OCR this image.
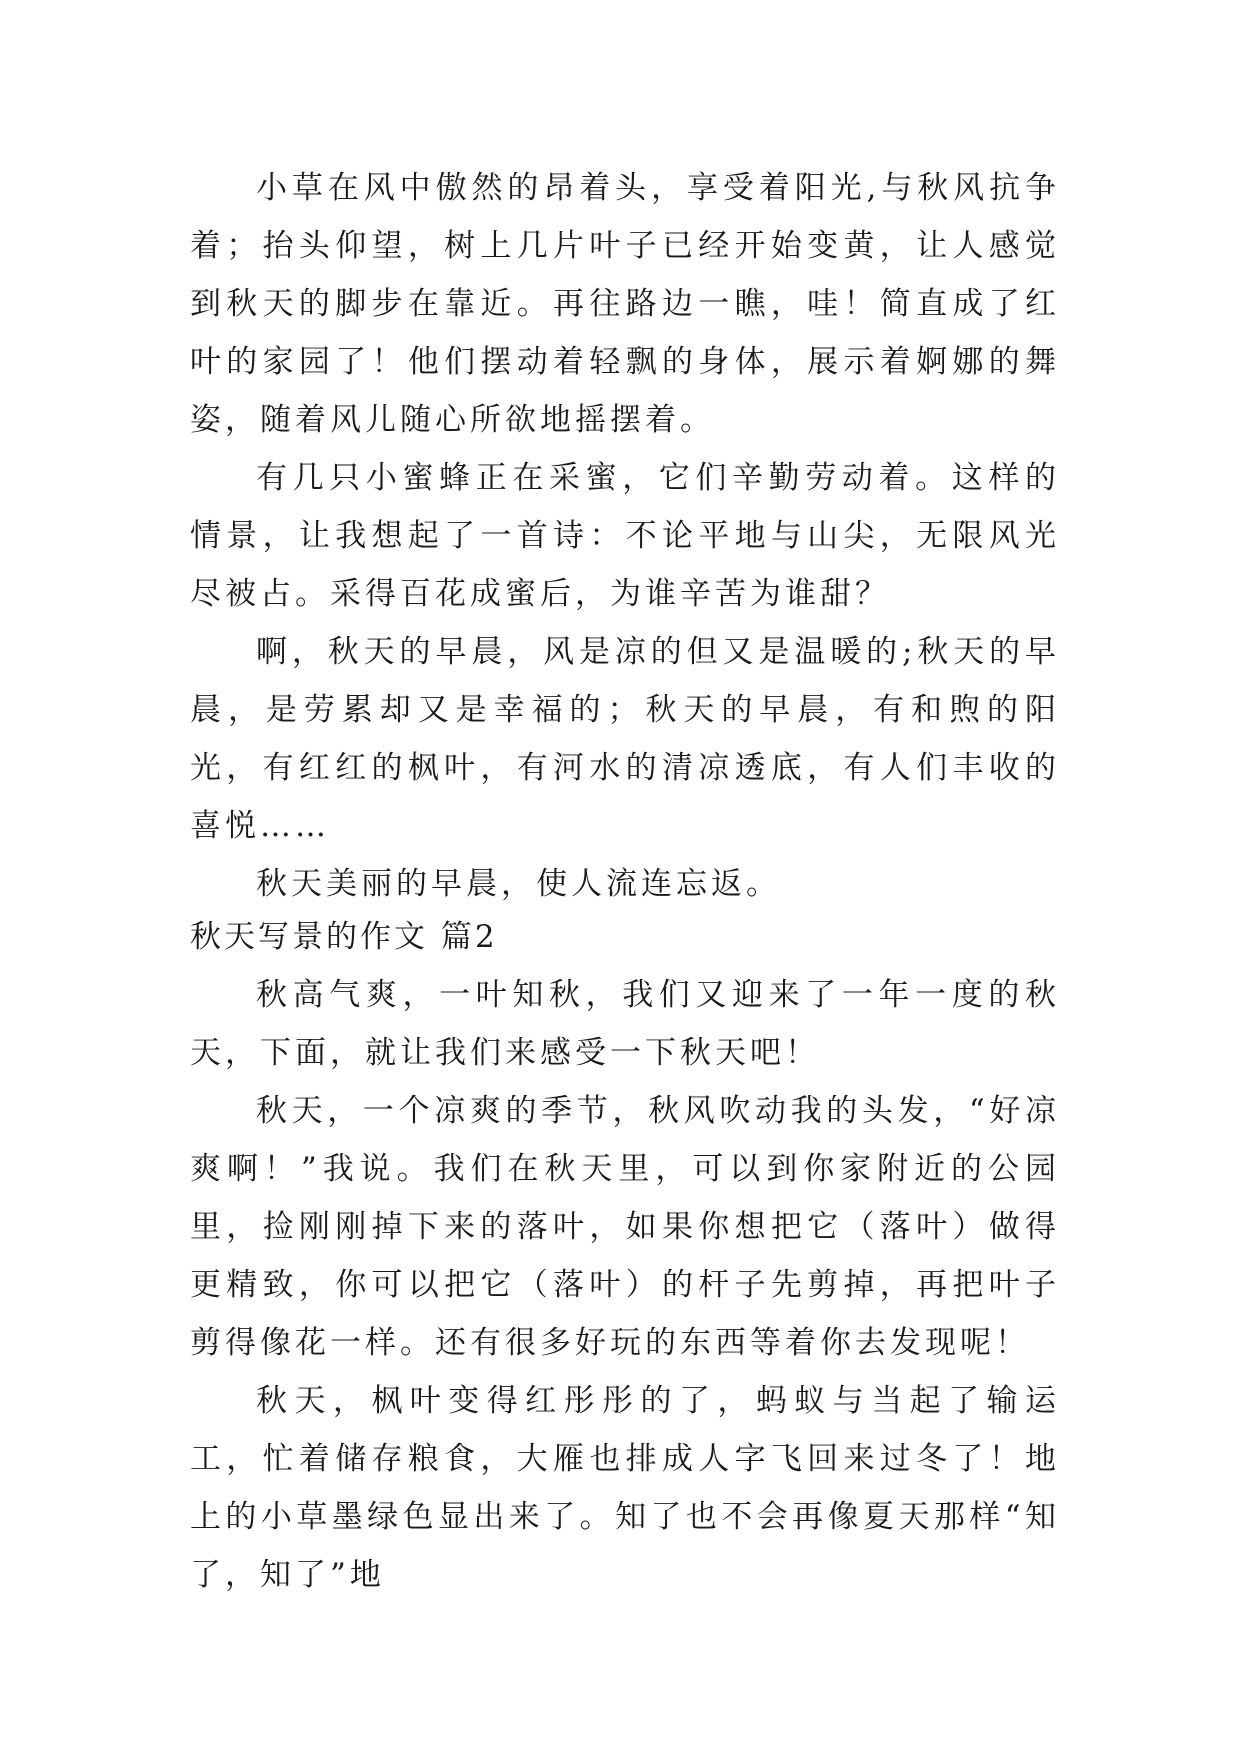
小草在风中傲然的昂着头，享受着阳光,与秋风抗争着；抬头仰望，树上几片叶子已经开始变黄，让人感觉到秋天的脚步在靠近。再往路边一瞧，哇！简直成了红叶的家园了！他们摆动着轻飘的身体，展示着婀娜的舞姿，随着风儿随心所欲地摇摆着。

有几只小蜜蜂正在采蜜，它们辛勤劳动着。这样的情景，让我想起了一首诗：不论平地与山尖，无限风光尽被占。采得百花成蜜后，为谁辛苦为谁甜？

啊，秋天的早晨，风是凉的但又是温暖的;秋天的早晨，是劳累却又是幸福的；秋天的早晨，有和煦的阳光，有红红的枫叶，有河水的清凉透底，有人们丰收的喜悦……

秋天美丽的早晨，使人流连忘返。

秋天写景的作文 篇2

秋高气爽，一叶知秋，我们又迎来了一年一度的秋天，下面，就让我们来感受一下秋天吧！

秋天，一个凉爽的季节，秋风吹动我的头发，“好凉爽啊！”我说。我们在秋天里，可以到你家附近的公园里，捡刚刚掉下来的落叶，如果你想把它（落叶）做得更精致，你可以把它（落叶）的杆子先剪掉，再把叶子剪得像花一样。还有很多好玩的东西等着你去发现呢！

秋天，枫叶变得红彤彤的了，蚂蚁与当起了输运工，忙着储存粮食，大雁也排成人字飞回来过冬了！地上的小草墨绿色显出来了。知了也不会再像夏天那样“知了，知了”地
